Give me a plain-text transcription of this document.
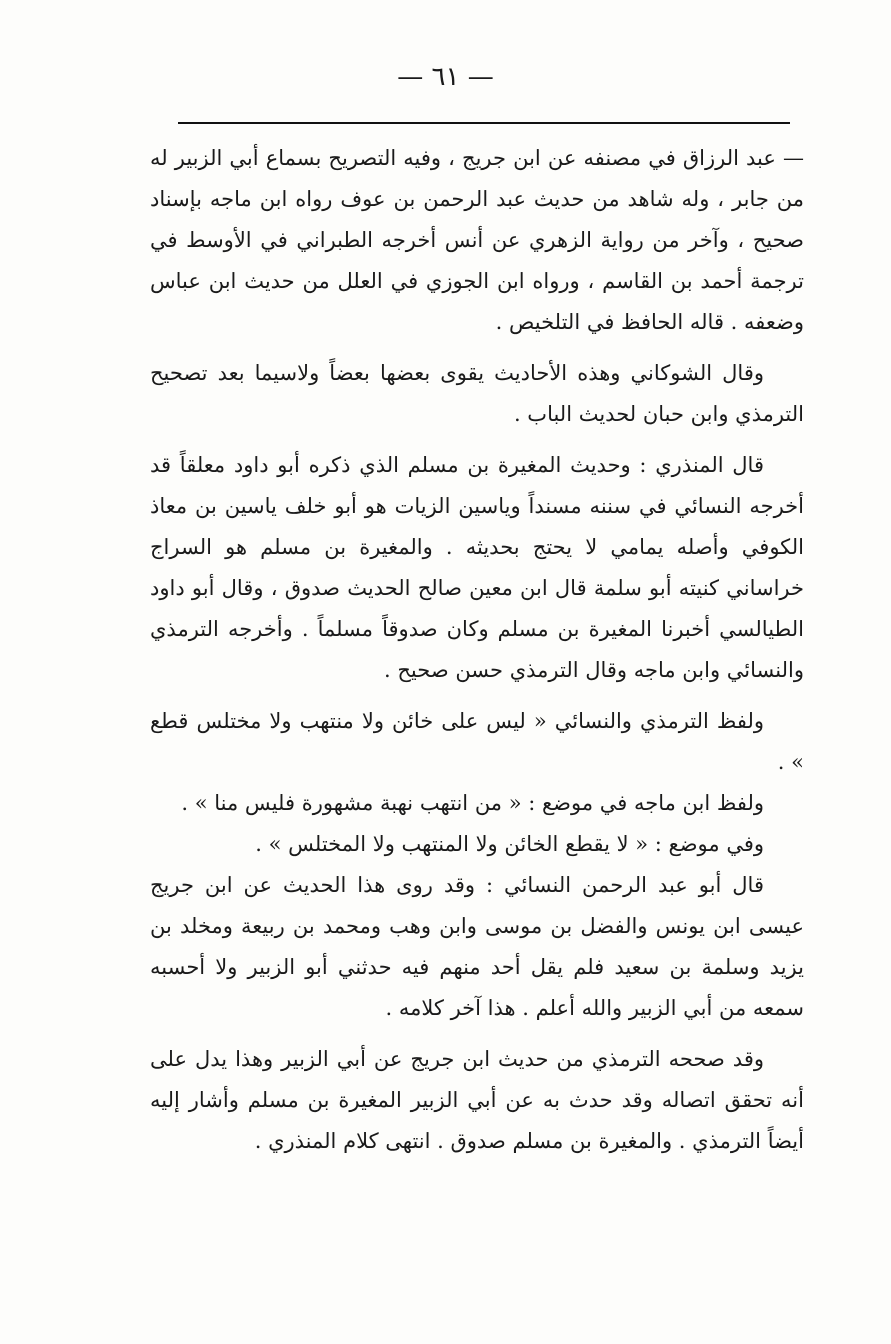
— ٦١ —

— عبد الرزاق في مصنفه عن ابن جريج ، وفيه التصريح بسماع أبي الزبير له من جابر ، وله شاهد من حديث عبد الرحمن بن عوف رواه ابن ماجه بإسناد صحيح ، وآخر من رواية الزهري عن أنس أخرجه الطبراني في الأوسط في ترجمة أحمد بن القاسم ، ورواه ابن الجوزي في العلل من حديث ابن عباس وضعفه . قاله الحافظ في التلخيص .

وقال الشوكاني وهذه الأحاديث يقوى بعضها بعضاً ولاسيما بعد تصحيح الترمذي وابن حبان لحديث الباب .

قال المنذري : وحديث المغيرة بن مسلم الذي ذكره أبو داود معلقاً قد أخرجه النسائي في سننه مسنداً وياسين الزيات هو أبو خلف ياسين بن معاذ الكوفي وأصله يمامي لا يحتج بحديثه . والمغيرة بن مسلم هو السراج خراساني كنيته أبو سلمة قال ابن معين صالح الحديث صدوق ، وقال أبو داود الطيالسي أخبرنا المغيرة بن مسلم وكان صدوقاً مسلماً . وأخرجه الترمذي والنسائي وابن ماجه وقال الترمذي حسن صحيح .

ولفظ الترمذي والنسائي « ليس على خائن ولا منتهب ولا مختلس قطع » .

ولفظ ابن ماجه في موضع : « من انتهب نهبة مشهورة فليس منا » .

وفي موضع : « لا يقطع الخائن ولا المنتهب ولا المختلس » .

قال أبو عبد الرحمن النسائي : وقد روى هذا الحديث عن ابن جريج عيسى ابن يونس والفضل بن موسى وابن وهب ومحمد بن ربيعة ومخلد بن يزيد وسلمة بن سعيد فلم يقل أحد منهم فيه حدثني أبو الزبير ولا أحسبه سمعه من أبي الزبير والله أعلم . هذا آخر كلامه .

وقد صححه الترمذي من حديث ابن جريج عن أبي الزبير وهذا يدل على أنه تحقق اتصاله وقد حدث به عن أبي الزبير المغيرة بن مسلم وأشار إليه أيضاً الترمذي . والمغيرة بن مسلم صدوق . انتهى كلام المنذري .
